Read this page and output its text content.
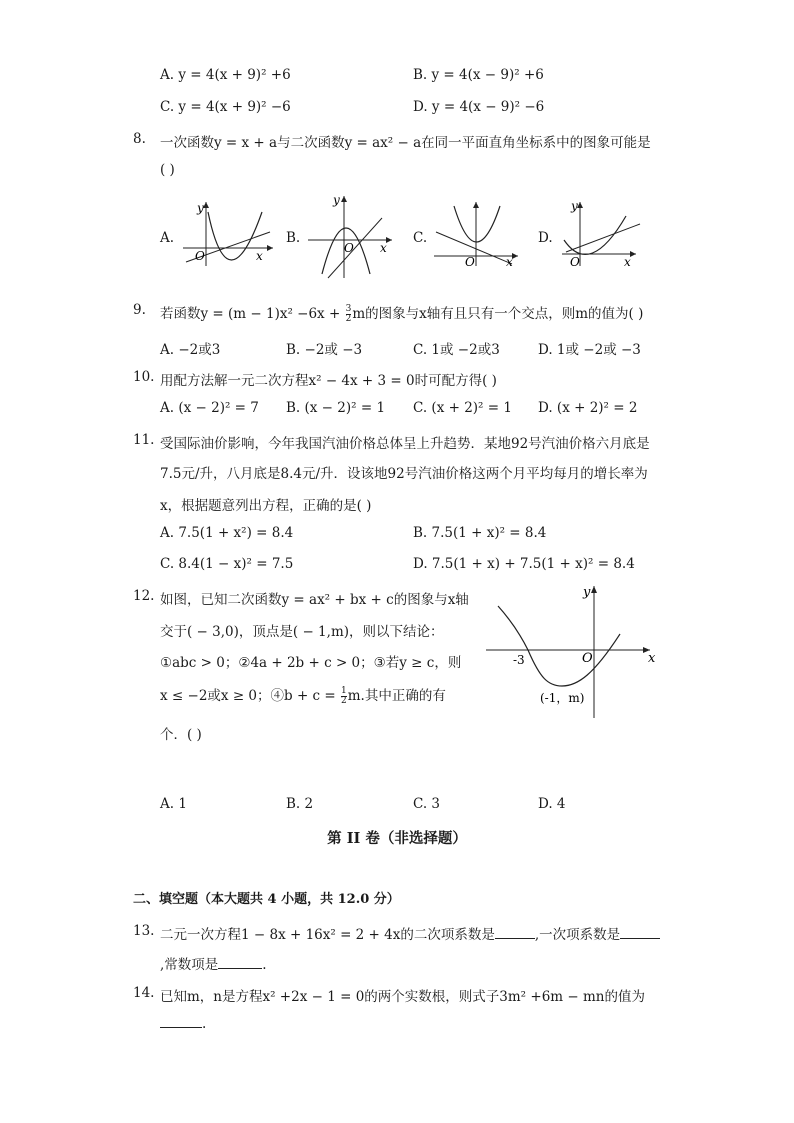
A. y = 4(x + 9)² +6	B. y = 4(x − 9)² +6
C. y = 4(x + 9)² −6	D. y = 4(x − 9)² −6
8. 一次函数y = x + a与二次函数y = ax² − a在同一平面直角坐标系中的图象可能是
( )
A.	B.	C.	D.
y
O	x
y
O x
O	x
y
O	x
9. 若函数$y = (m - 1)x^2 -6x + \frac{3}{2}$ m的图象与x轴有且只有一个交点，则m的值为( )
A. −2或3	B. −2或 −3	C. 1或 −2或3	D. 1或 −2或 −3
10. 用配方法解一元二次方程x² − 4x + 3 = 0时可配方得( )
A. (x − 2)² = 7 B. (x − 2)² = 1 C. (x + 2)² = 1 D. (x + 2)² = 2
11. 受国际油价影响，今年我国汽油价格总体呈上升趋势．某地92号汽油价格六月底是
7.5元/升，八月底是8.4元/升．设该地92号汽油价格这两个月平均每月的增长率为
x，根据题意列出方程，正确的是( )
A. 7.5(1 + x²) = 8.4	B. 7.5(1 + x)² = 8.4
C. 8.4(1 − x)² = 7.5	D. 7.5(1 + x) + 7.5(1 + x)² = 8.4
12. 如图，已知二次函数y = ax² + bx + c的图象与x轴
交于( − 3,0)，顶点是( − 1,m)，则以下结论：
①abc > 0；②4a + 2b + c > 0；③若y ≥ c，则
x ≤ −2或x ≥ 0；④b + $c = \frac{1}{2} m$.其中正确的有
个．( )
y
O	x
-3
(-1，m)
A. 1	B. 2	C. 3	D. 4
第 II 卷（非选择题）
二、填空题（本大题共 4 小题，共 12.0 分）
13. 二元一次方程1 − 8x + 16x² = 2 + 4x的二次项系数是	,一次项系数是
,常数项是	.
14. 已知m，n是方程x² +2x − 1 = 0的两个实数根，则式子3m² +6m − mn的值为
.
